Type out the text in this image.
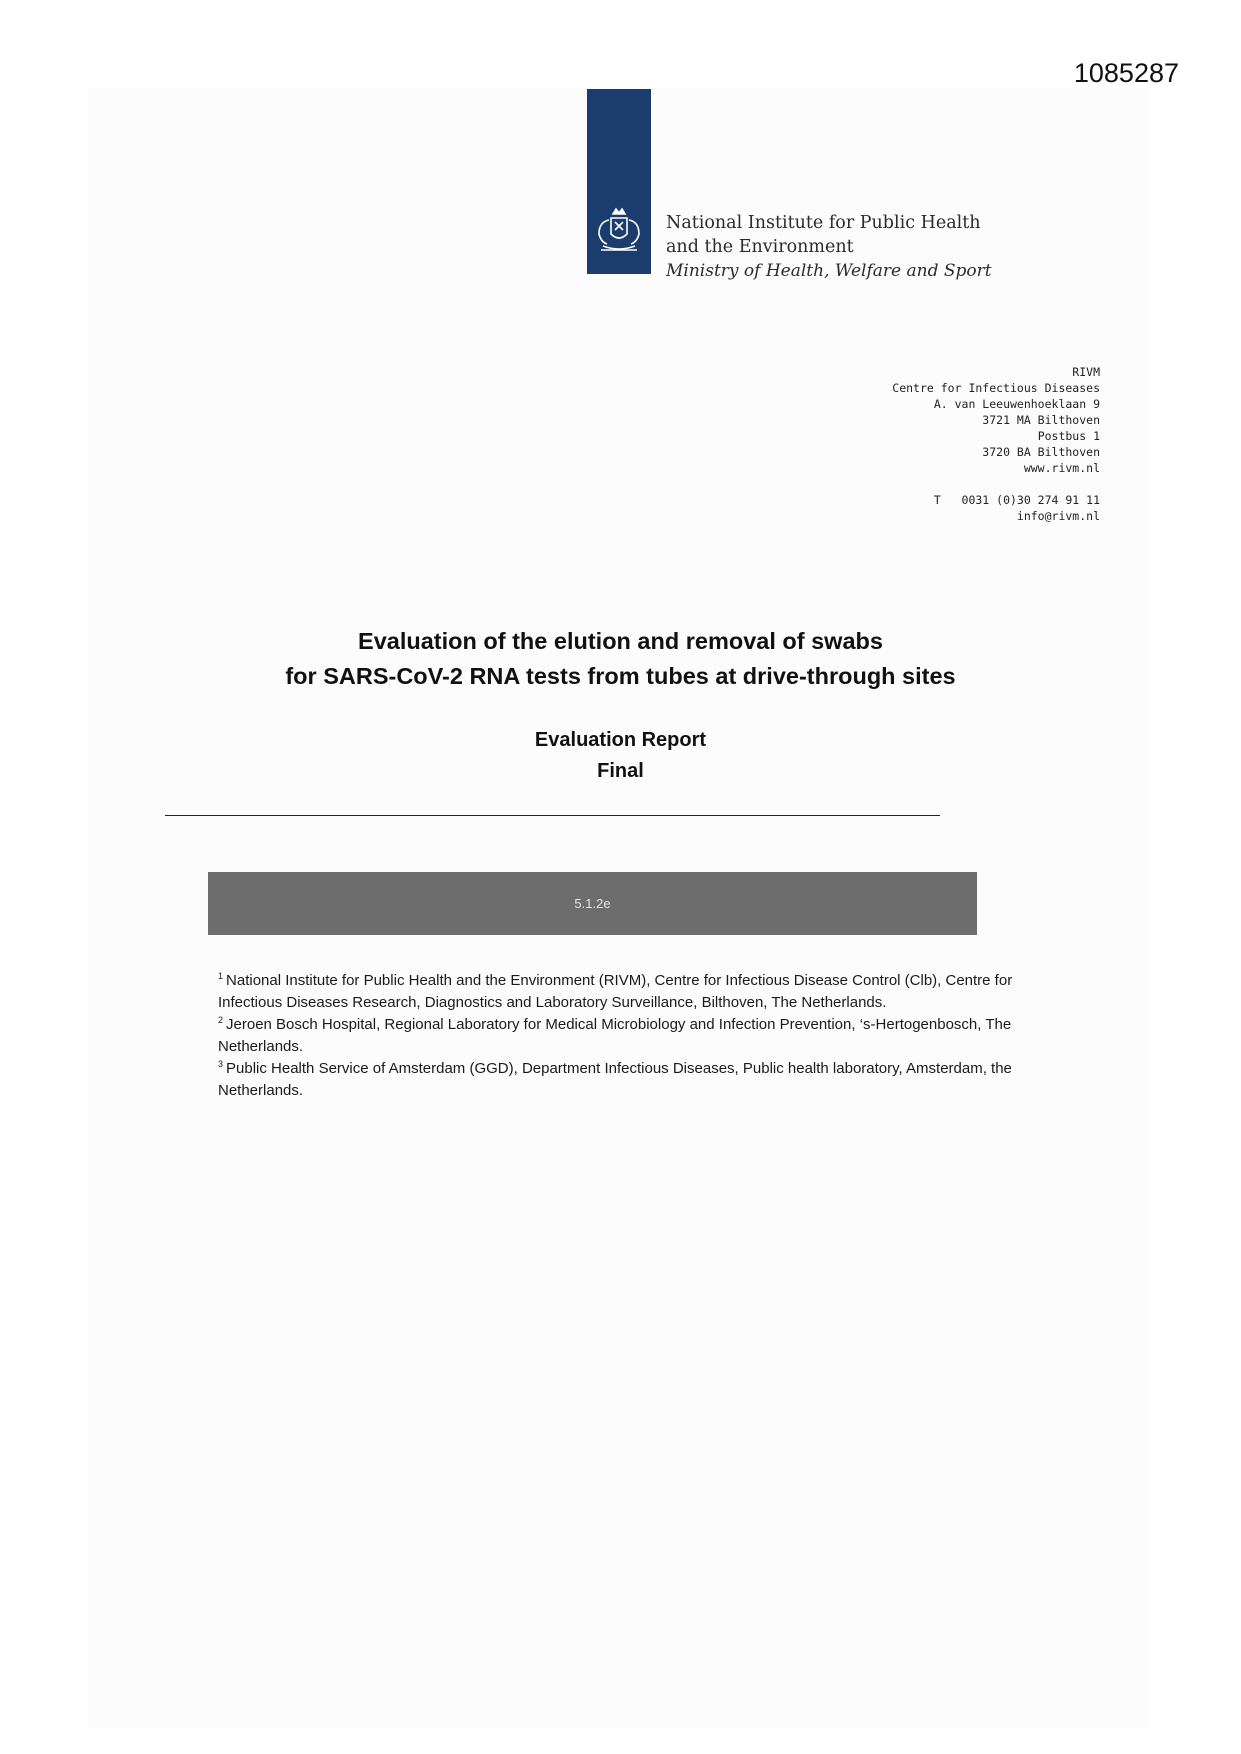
1085287
National Institute for Public Health
and the Environment
Ministry of Health, Welfare and Sport
RIVM
Centre for Infectious Diseases
A. van Leeuwenhoeklaan 9
3721 MA Bilthoven
Postbus 1
3720 BA Bilthoven
www.rivm.nl
T   0031 (0)30 274 91 11
info@rivm.nl
Evaluation of the elution and removal of swabs
for SARS-CoV-2 RNA tests from tubes at drive-through sites
Evaluation Report
Final
5.1.2e

$^1$ National Institute for Public Health and the Environment (RIVM), Centre for Infectious Disease Control (Clb), Centre for Infectious Diseases Research, Diagnostics and Laboratory Surveillance, Bilthoven, The Netherlands.

$^2$ Jeroen Bosch Hospital, Regional Laboratory for Medical Microbiology and Infection Prevention, ‘s-Hertogenbosch, The Netherlands.

$^3$ Public Health Service of Amsterdam (GGD), Department Infectious Diseases, Public health laboratory, Amsterdam, the Netherlands.
